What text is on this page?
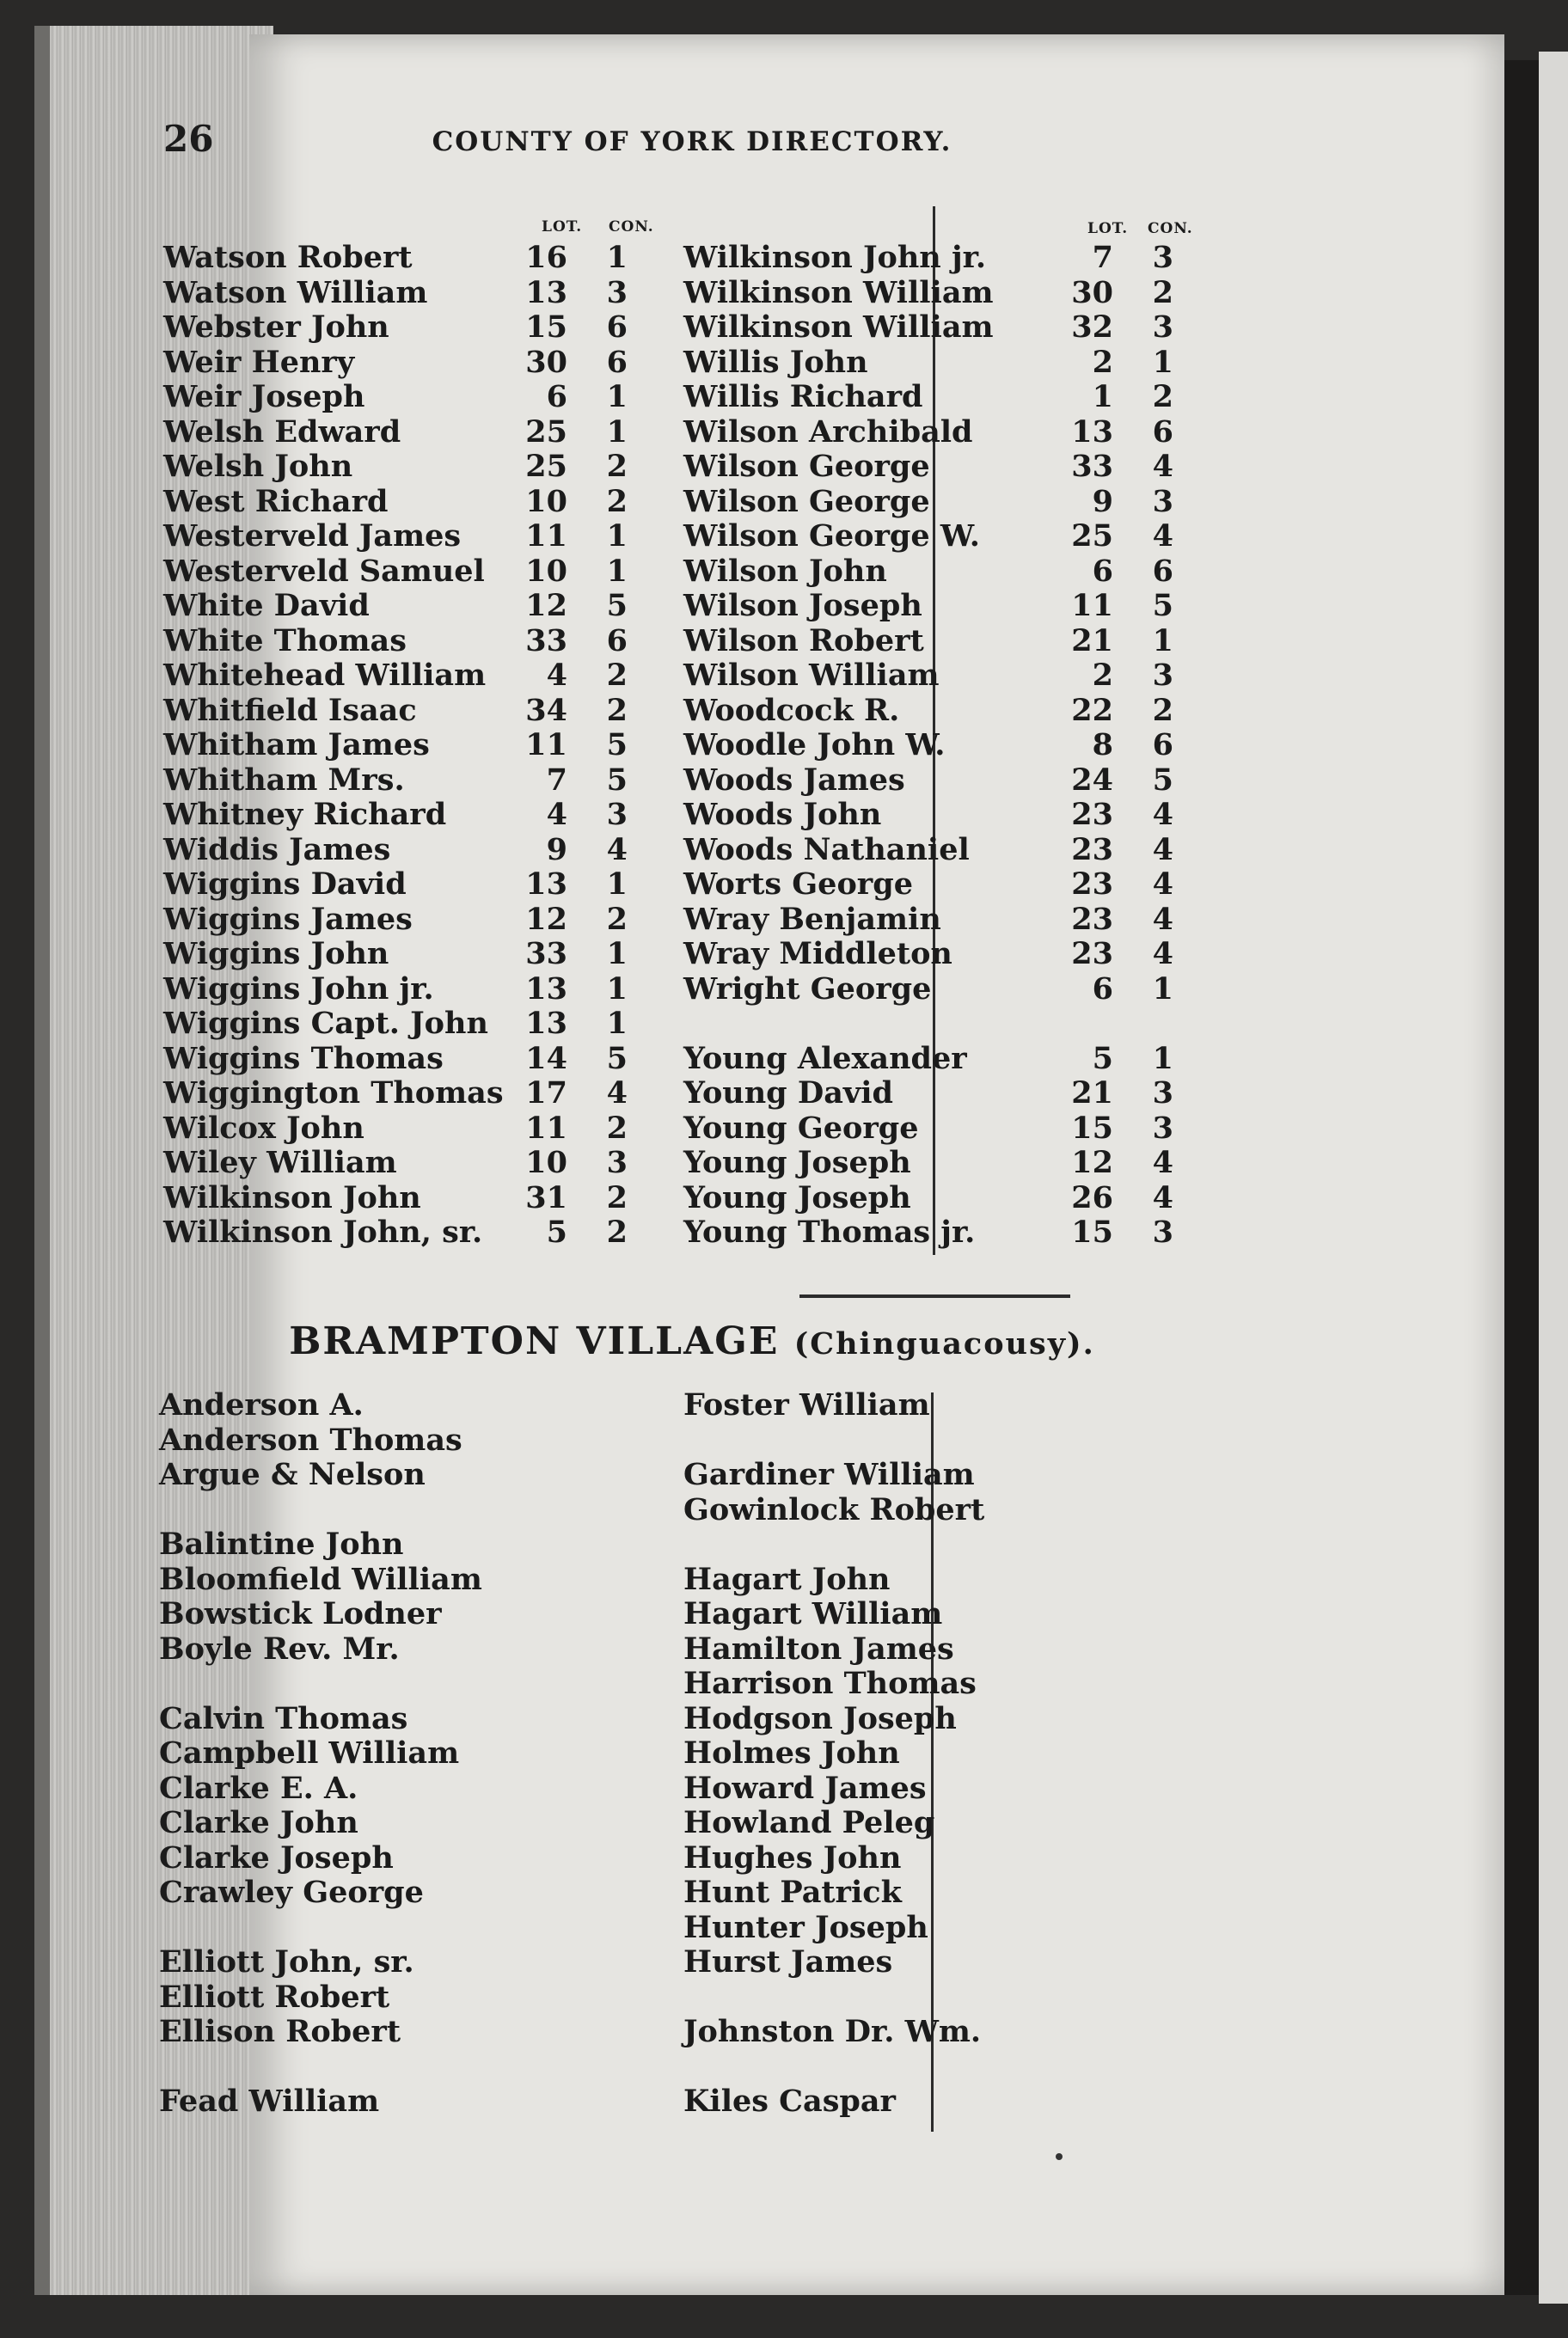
26	COUNTY OF YORK DIRECTORY.
LOT. CON.
Watson Robert	16	1
Watson William	13	3
Webster John	15	6
Weir Henry	30	6
Weir Joseph	6	1
Welsh Edward	25	1
Welsh John	25	2
West Richard	10	2
Westerveld James	11	1
Westerveld Samuel	10	1
White David	12	5
White Thomas	33	6
Whitehead William	4	2
Whitfield Isaac	34	2
Whitham James	11	5
Whitham Mrs.	7	5
Whitney Richard	4	3
Widdis James	9	4
Wiggins David	13	1
Wiggins James	12	2
Wiggins John	33	1
Wiggins John jr.	13	1
Wiggins Capt. John	13	1
Wiggins Thomas	14	5
Wiggington Thomas 17	4
Wilcox John	11	2
Wiley William	10	3
Wilkinson John	31	2
Wilkinson John, sr.	5	2
LOT. CON.
Wilkinson John jr.	7	3
Wilkinson William	30	2
Wilkinson William	32	3
Willis John	2	1
Willis Richard	1	2
Wilson Archibald	13	6
Wilson George	33	4
Wilson George	9	3
Wilson George W.	25	4
Wilson John	6	6
Wilson Joseph	11	5
Wilson Robert	21	1
Wilson William	2	3
Woodcock R.	22	2
Woodle John W.	8	6
Woods James	24	5
Woods John	23	4
Woods Nathaniel	23	4
Worts George	23	4
Wray Benjamin	23	4
Wray Middleton	23	4
Wright George	6	1
Young Alexander	5	1
Young David	21	3
Young George	15	3
Young Joseph	12	4
Young Joseph	26	4
Young Thomas jr.	15	3
BRAMPTON VILLAGE (Chinguacousy).
Anderson A.
Anderson Thomas
Argue & Nelson
Balintine John
Bloomfield William
Bowstick Lodner
Boyle Rev. Mr.
Calvin Thomas
Campbell William
Clarke E. A.
Clarke John
Clarke Joseph
Crawley George
Elliott John, sr.
Elliott Robert
Ellison Robert
Fead William
Foster William
Gardiner William
Gowinlock Robert
Hagart John
Hagart William
Hamilton James
Harrison Thomas
Hodgson Joseph
Holmes John
Howard James
Howland Peleg
Hughes John
Hunt Patrick
Hunter Joseph
Hurst James
Johnston Dr. Wm.
Kiles Caspar
